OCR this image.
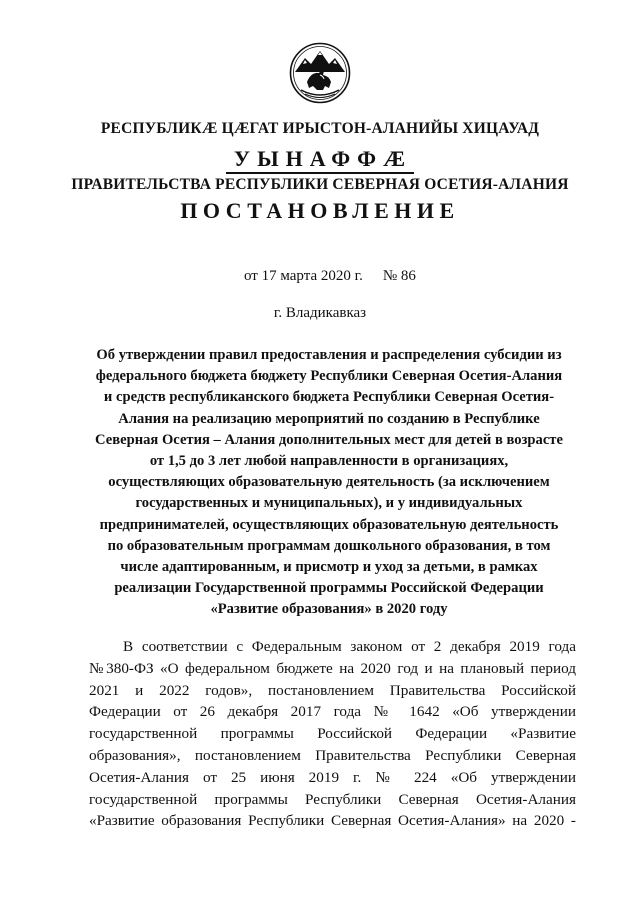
РЕСПУБЛИКӔ ЦӔГАТ ИРЫСТОН-АЛАНИЙЫ ХИЦАУАД
УЫНАФФӔ
ПРАВИТЕЛЬСТВА РЕСПУБЛИКИ СЕВЕРНАЯ ОСЕТИЯ-АЛАНИЯ
ПОСТАНОВЛЕНИЕ
от 17 марта 2020 г. № 86
г. Владикавказ
Об утверждении правил предоставления и распределения субсидии из
федерального бюджета бюджету Республики Северная Осетия-Алания
и средств республиканского бюджета Республики Северная Осетия-
Алания на реализацию мероприятий по созданию в Республике
Северная Осетия – Алания дополнительных мест для детей в возрасте
от 1,5 до 3 лет любой направленности в организациях,
осуществляющих образовательную деятельность (за исключением
государственных и муниципальных), и у индивидуальных
предпринимателей, осуществляющих образовательную деятельность
по образовательным программам дошкольного образования, в том
числе адаптированным, и присмотр и уход за детьми, в рамках
реализации Государственной программы Российской Федерации
«Развитие образования» в 2020 году

В соответствии с Федеральным законом от 2 декабря 2019 года
№380-ФЗ «О федеральном бюджете на 2020 год и на плановый период
2021 и 2022 годов», постановлением Правительства Российской
Федерации от 26 декабря 2017 года № 1642 «Об утверждении
государственной программы Российской Федерации «Развитие
образования», постановлением Правительства Республики Северная
Осетия-Алания от 25 июня 2019 г. № 224 «Об утверждении
государственной программы Республики Северная Осетия-Алания
«Развитие образования Республики Северная Осетия-Алания» на 2020 -
